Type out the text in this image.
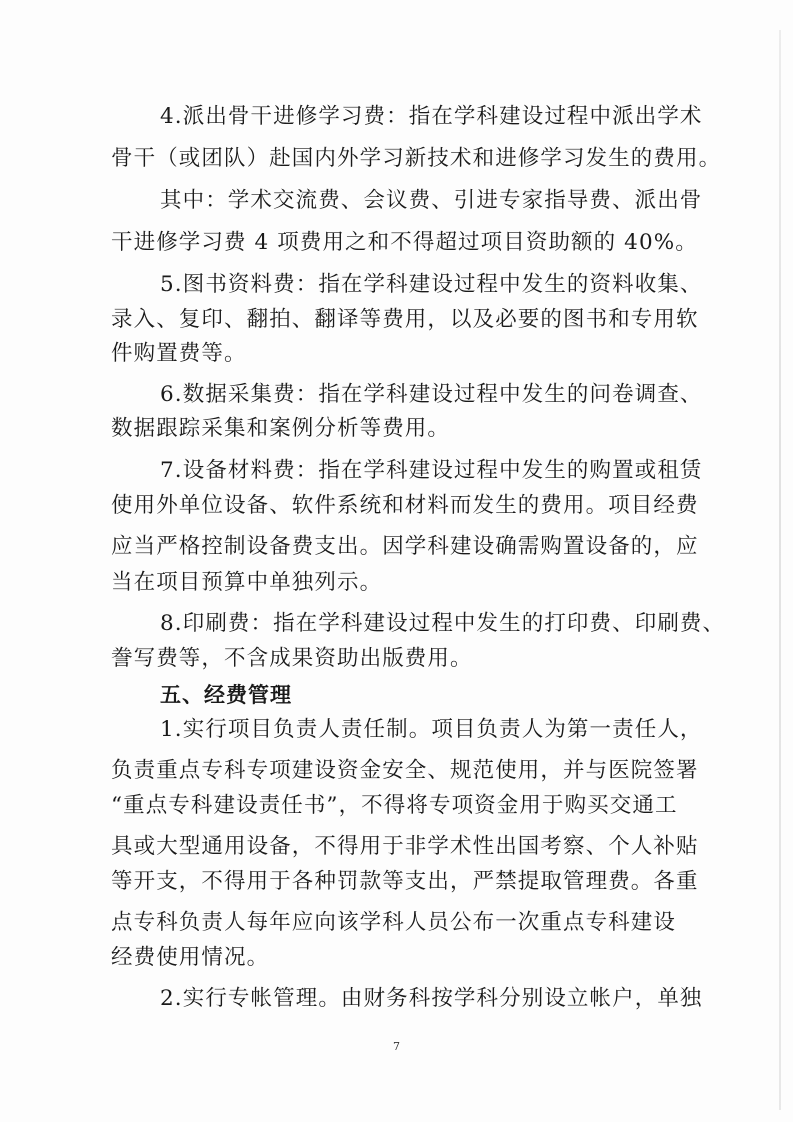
4.派出骨干进修学习费：指在学科建设过程中派出学术
骨干（或团队）赴国内外学习新技术和进修学习发生的费用。
其中：学术交流费、会议费、引进专家指导费、派出骨
干进修学习费 4 项费用之和不得超过项目资助额的 40%。
5.图书资料费：指在学科建设过程中发生的资料收集、
录入、复印、翻拍、翻译等费用，以及必要的图书和专用软
件购置费等。
6.数据采集费：指在学科建设过程中发生的问卷调查、
数据跟踪采集和案例分析等费用。
7.设备材料费：指在学科建设过程中发生的购置或租赁
使用外单位设备、软件系统和材料而发生的费用。项目经费
应当严格控制设备费支出。因学科建设确需购置设备的，应
当在项目预算中单独列示。
8.印刷费：指在学科建设过程中发生的打印费、印刷费、
誊写费等，不含成果资助出版费用。
五、经费管理
1.实行项目负责人责任制。项目负责人为第一责任人，
负责重点专科专项建设资金安全、规范使用，并与医院签署
“重点专科建设责任书”，不得将专项资金用于购买交通工
具或大型通用设备，不得用于非学术性出国考察、个人补贴
等开支，不得用于各种罚款等支出，严禁提取管理费。各重
点专科负责人每年应向该学科人员公布一次重点专科建设
经费使用情况。
2.实行专帐管理。由财务科按学科分别设立帐户，单独
7
